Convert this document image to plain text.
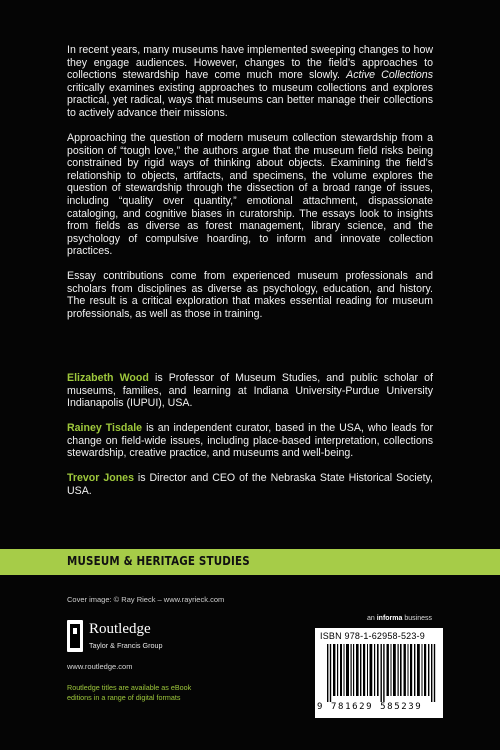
In recent years, many museums have implemented sweeping changes to how they engage audiences. However, changes to the field’s approaches to collections stewardship have come much more slowly. Active Collections critically examines existing approaches to museum collections and explores practical, yet radical, ways that museums can better manage their collections to actively advance their missions.

Approaching the question of modern museum collection stewardship from a position of “tough love,” the authors argue that the museum field risks being constrained by rigid ways of thinking about objects. Examining the field’s relationship to objects, artifacts, and specimens, the volume explores the question of stewardship through the dissection of a broad range of issues, including “quality over quantity,” emotional attachment, dispassionate cataloging, and cognitive biases in curatorship. The essays look to insights from fields as diverse as forest management, library science, and the psychology of compulsive hoarding, to inform and innovate collection practices.

Essay contributions come from experienced museum professionals and scholars from disciplines as diverse as psychology, education, and history. The result is a critical exploration that makes essential reading for museum professionals, as well as those in training.

Elizabeth Wood is Professor of Museum Studies, and public scholar of museums, families, and learning at Indiana University-Purdue University Indianapolis (IUPUI), USA.

Rainey Tisdale is an independent curator, based in the USA, who leads for change on field-wide issues, including place-based interpretation, collections stewardship, creative practice, and museums and well-being.

Trevor Jones is Director and CEO of the Nebraska State Historical Society, USA.

MUSEUM & HERITAGE STUDIES
Cover image: © Ray Rieck – www.rayrieck.com
Routledge
Taylor & Francis Group
www.routledge.com
Routledge titles are available as eBook editions in a range of digital formats
an informa business
ISBN 978-1-62958-523-9
9 781629 585239
